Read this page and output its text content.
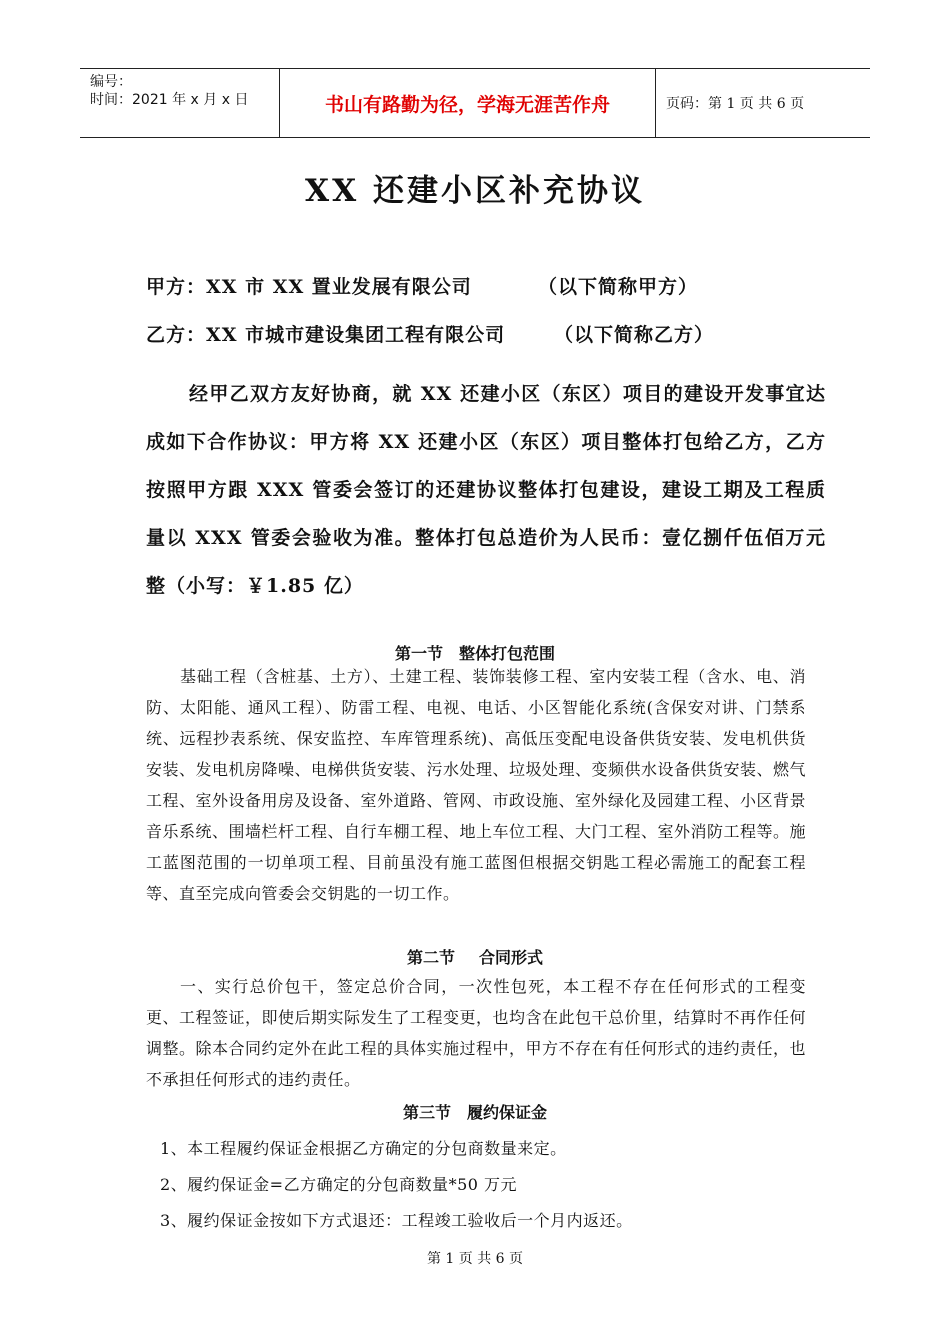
编号：
时间：2021 年 x 月 x 日	书山有路勤为径，学海无涯苦作舟	页码：第 1 页 共 6 页
XX 还建小区补充协议
甲方：XX 市 XX 置业发展有限公司	（以下简称甲方）
乙方：XX 市城市建设集团工程有限公司	（以下简称乙方）
经甲乙双方友好协商，就 XX 还建小区（东区）项目的建设开发事宜达成如下合作协议：甲方将 XX 还建小区（东区）项目整体打包给乙方，乙方按照甲方跟 XXX 管委会签订的还建协议整体打包建设，建设工期及工程质量以 XXX 管委会验收为准。整体打包总造价为人民币：壹亿捌仟伍佰万元整（小写：￥1.85 亿）
第一节 整体打包范围
基础工程（含桩基、土方）、土建工程、装饰装修工程、室内安装工程（含水、电、消防、太阳能、通风工程）、防雷工程、电视、电话、小区智能化系统(含保安对讲、门禁系统、远程抄表系统、保安监控、车库管理系统)、高低压变配电设备供货安装、发电机供货安装、发电机房降噪、电梯供货安装、污水处理、垃圾处理、变频供水设备供货安装、燃气工程、室外设备用房及设备、室外道路、管网、市政设施、室外绿化及园建工程、小区背景音乐系统、围墙栏杆工程、自行车棚工程、地上车位工程、大门工程、室外消防工程等。施工蓝图范围的一切单项工程、目前虽没有施工蓝图但根据交钥匙工程必需施工的配套工程等、直至完成向管委会交钥匙的一切工作。
第二节 合同形式
一、实行总价包干，签定总价合同，一次性包死，本工程不存在任何形式的工程变更、工程签证，即使后期实际发生了工程变更，也均含在此包干总价里，结算时不再作任何调整。除本合同约定外在此工程的具体实施过程中，甲方不存在有任何形式的违约责任，也不承担任何形式的违约责任。
第三节 履约保证金
1、本工程履约保证金根据乙方确定的分包商数量来定。
2、履约保证金=乙方确定的分包商数量*50 万元
3、履约保证金按如下方式退还：工程竣工验收后一个月内返还。
第 1 页 共 6 页
